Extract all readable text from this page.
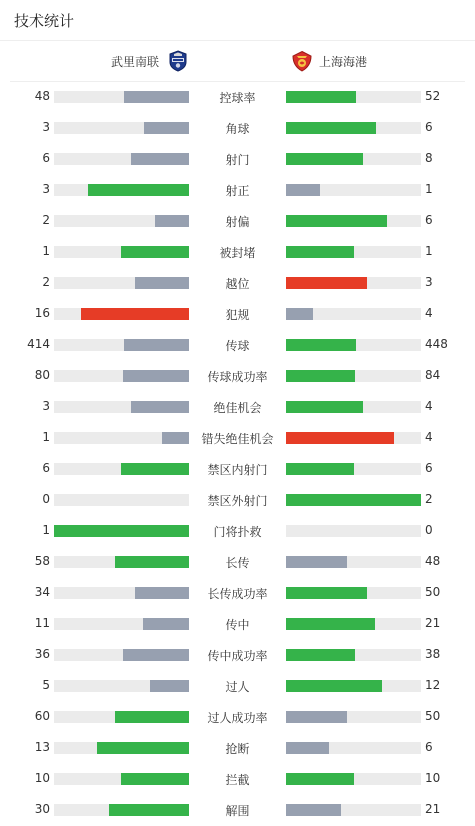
技术统计
武里南联	上海海港
48	控球率	52
3	角球	6
6	射门	8
3	射正	1
2	射偏	6
1	被封堵	1
2	越位	3
16	犯规	4
414	传球	448
80	传球成功率	84
3	绝佳机会	4
1	错失绝佳机会	4
6	禁区内射门	6
0	禁区外射门	2
1	门将扑救	0
58	长传	48
34	长传成功率	50
11	传中	21
36	传中成功率	38
5	过人	12
60	过人成功率	50
13	抢断	6
10	拦截	10
30	解围	21
